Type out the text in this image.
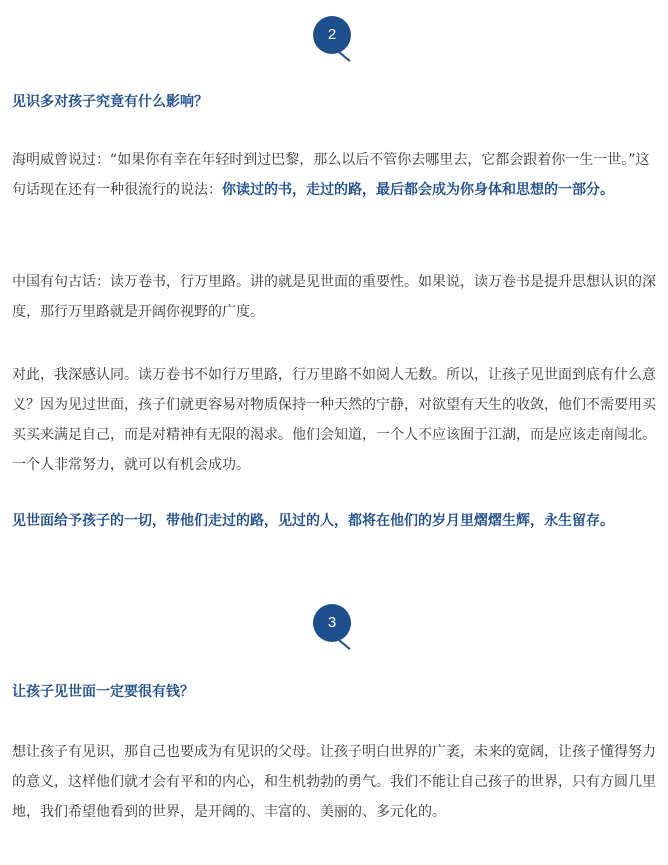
2
见识多对孩子究竟有什么影响？

海明威曾说过：“如果你有幸在年轻时到过巴黎，那么以后不管你去哪里去，它都会跟着你一生一世。”这句话现在还有一种很流行的说法：你读过的书，走过的路，最后都会成为你身体和思想的一部分。

中国有句古话：读万卷书，行万里路。讲的就是见世面的重要性。如果说，读万卷书是提升思想认识的深度，那行万里路就是开阔你视野的广度。

对此，我深感认同。读万卷书不如行万里路，行万里路不如阅人无数。所以，让孩子见世面到底有什么意义？因为见过世面，孩子们就更容易对物质保持一种天然的宁静，对欲望有天生的收敛，他们不需要用买买买来满足自己，而是对精神有无限的渴求。他们会知道，一个人不应该囿于江湖，而是应该走南闯北。一个人非常努力，就可以有机会成功。

见世面给予孩子的一切，带他们走过的路，见过的人，都将在他们的岁月里熠熠生辉，永生留存。

3
让孩子见世面一定要很有钱？

想让孩子有见识，那自己也要成为有见识的父母。让孩子明白世界的广袤，未来的宽阔，让孩子懂得努力的意义，这样他们就才会有平和的内心，和生机勃勃的勇气。我们不能让自己孩子的世界，只有方圆几里地，我们希望他看到的世界，是开阔的、丰富的、美丽的、多元化的。
